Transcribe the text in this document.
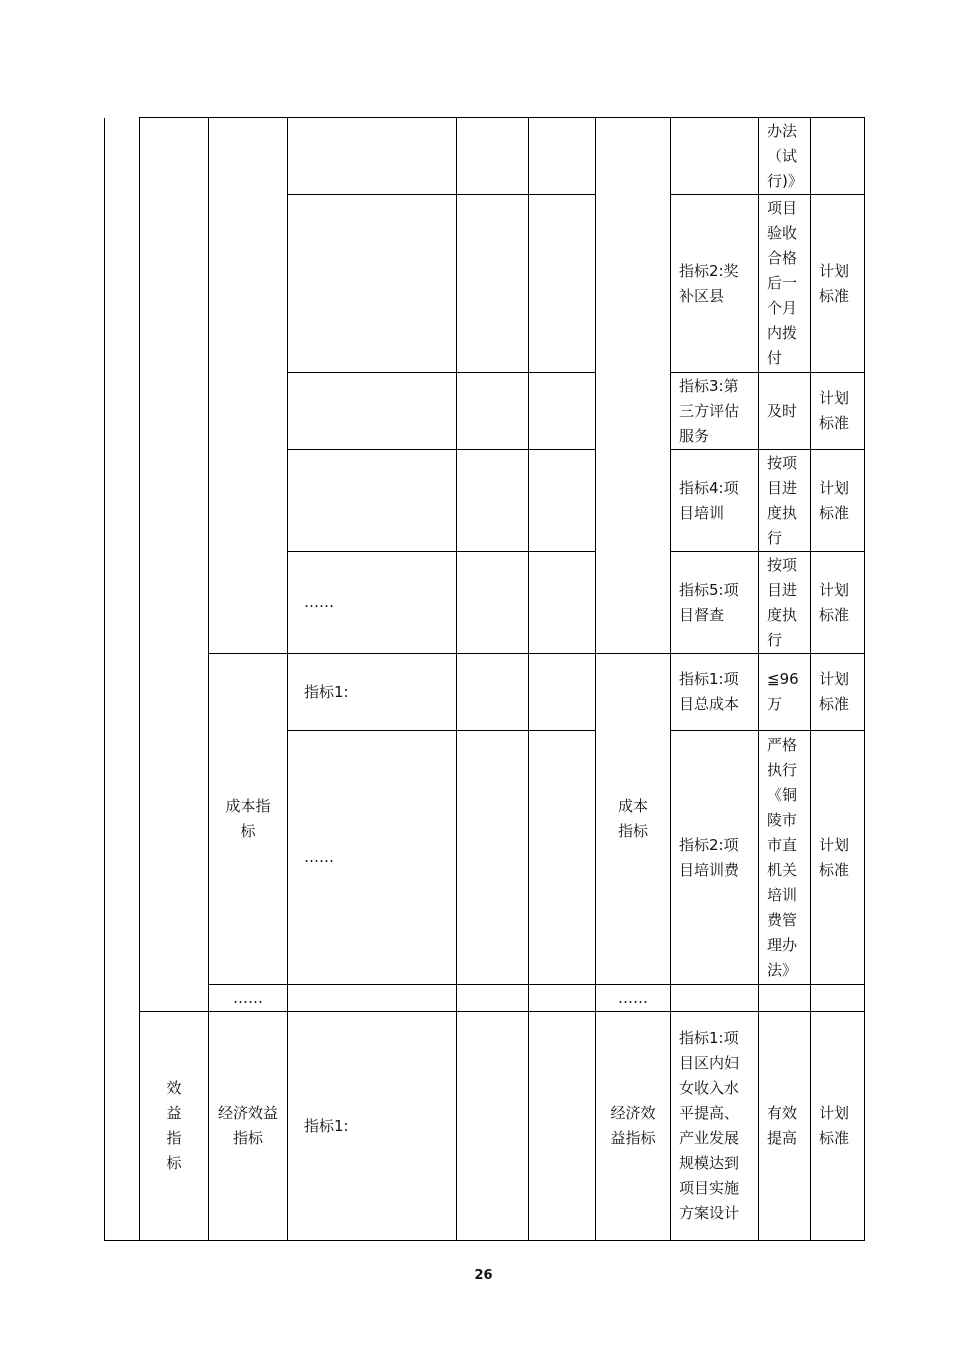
								办法（试行)》	
							指标2:奖补区县	项目验收合格后一个月内拨付	计划标准
							指标3:第三方评估服务	及时	计划标准
							指标4:项目培训	按项目进度执行	计划标准
			……				指标5:项目督查	按项目进度执行	计划标准
		成本指标	指标1:			成本指标	指标1:项目总成本	≦96万	计划标准
			……				指标2:项目培训费	严格执行《铜陵市市直机关培训费管理办法》	计划标准
		……				……			
	效益指标	经济效益指标	指标1:			经济效益指标	指标1:项目区内妇女收入水平提高、产业发展规模达到项目实施方案设计	有效提高	计划标准
26
